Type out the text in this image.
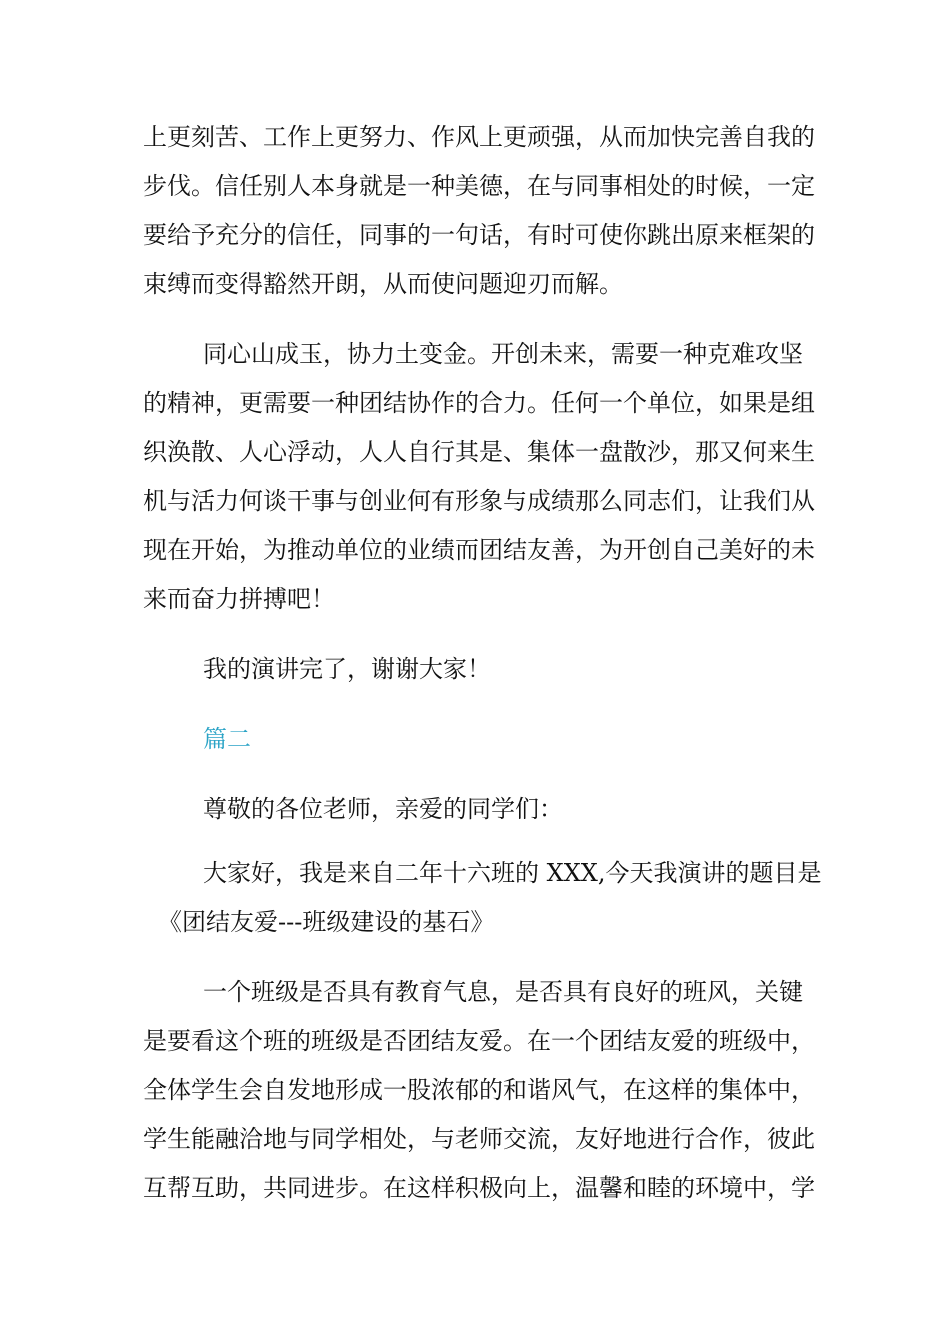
上更刻苦、工作上更努力、作风上更顽强，从而加快完善自我的
步伐。信任别人本身就是一种美德，在与同事相处的时候，一定
要给予充分的信任，同事的一句话，有时可使你跳出原来框架的
束缚而变得豁然开朗，从而使问题迎刃而解。
同心山成玉，协力土变金。开创未来，需要一种克难攻坚
的精神，更需要一种团结协作的合力。任何一个单位，如果是组
织涣散、人心浮动，人人自行其是、集体一盘散沙，那又何来生
机与活力何谈干事与创业何有形象与成绩那么同志们，让我们从
现在开始，为推动单位的业绩而团结友善，为开创自己美好的未
来而奋力拼搏吧！
我的演讲完了，谢谢大家！
篇二
尊敬的各位老师，亲爱的同学们：
大家好，我是来自二年十六班的 XXX,今天我演讲的题目是
《团结友爱---班级建设的基石》
一个班级是否具有教育气息，是否具有良好的班风，关键
是要看这个班的班级是否团结友爱。在一个团结友爱的班级中，
全体学生会自发地形成一股浓郁的和谐风气，在这样的集体中，
学生能融洽地与同学相处，与老师交流，友好地进行合作，彼此
互帮互助，共同进步。在这样积极向上，温馨和睦的环境中，学
